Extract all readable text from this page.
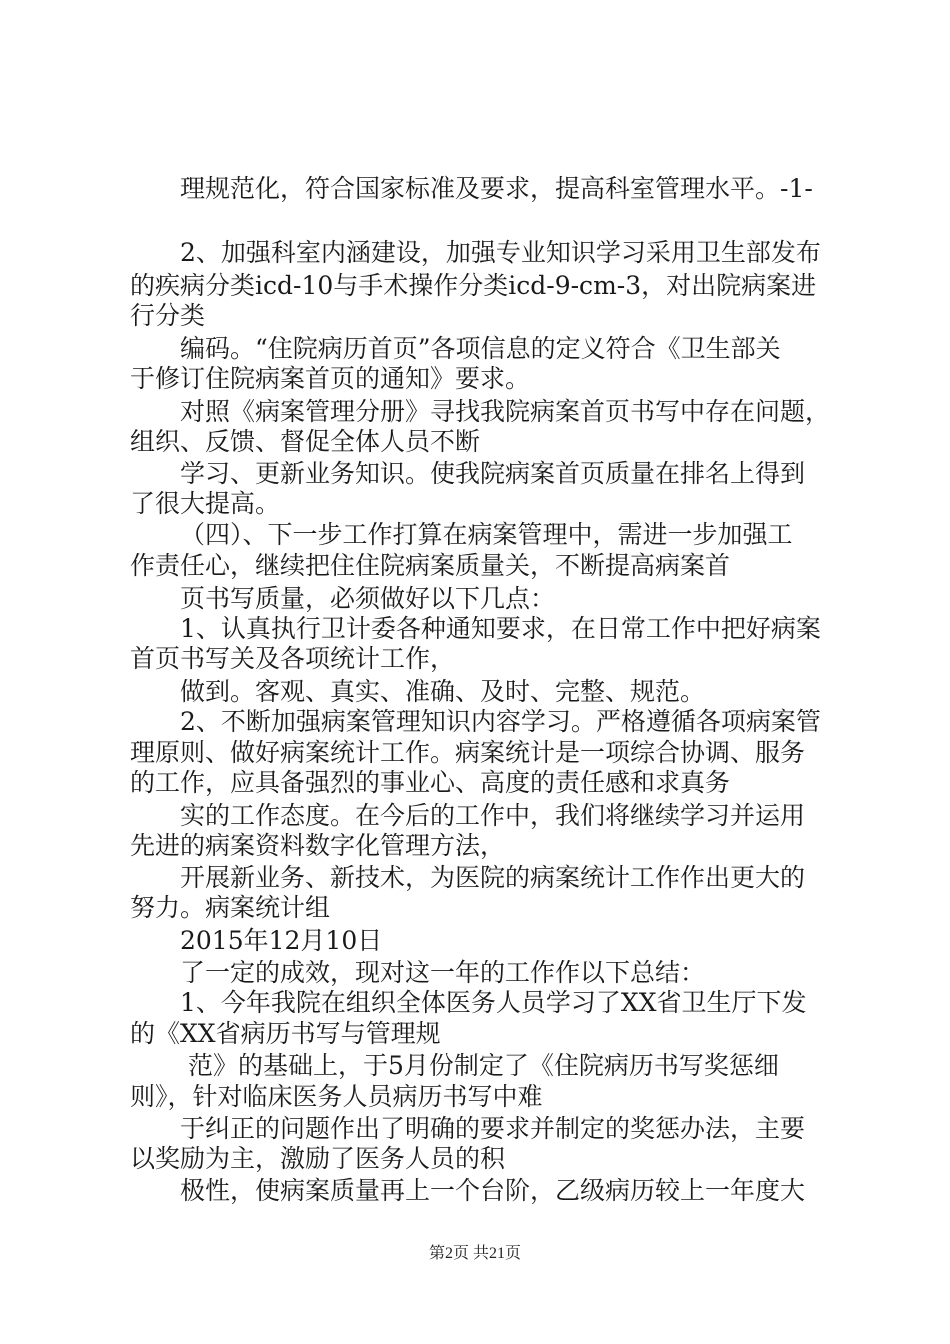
理规范化，符合国家标准及要求，提高科室管理水平。-1-
2、加强科室内涵建设，加强专业知识学习采用卫生部发布
的疾病分类icd-10与手术操作分类icd-9-cm-3，对出院病案进
行分类
编码。“住院病历首页”各项信息的定义符合《卫生部关
于修订住院病案首页的通知》要求。
对照《病案管理分册》寻找我院病案首页书写中存在问题，
组织、反馈、督促全体人员不断
学习、更新业务知识。使我院病案首页质量在排名上得到
了很大提高。
（四）、下一步工作打算在病案管理中，需进一步加强工
作责任心，继续把住住院病案质量关，不断提高病案首
页书写质量，必须做好以下几点：
1、认真执行卫计委各种通知要求，在日常工作中把好病案
首页书写关及各项统计工作，
做到。客观、真实、准确、及时、完整、规范。
2、不断加强病案管理知识内容学习。严格遵循各项病案管
理原则、做好病案统计工作。病案统计是一项综合协调、服务
的工作，应具备强烈的事业心、高度的责任感和求真务
实的工作态度。在今后的工作中，我们将继续学习并运用
先进的病案资料数字化管理方法，
开展新业务、新技术，为医院的病案统计工作作出更大的
努力。病案统计组
2015年12月10日
了一定的成效，现对这一年的工作作以下总结：
1、今年我院在组织全体医务人员学习了XX省卫生厅下发
的《XX省病历书写与管理规
范》的基础上，于5月份制定了《住院病历书写奖惩细
则》，针对临床医务人员病历书写中难
于纠正的问题作出了明确的要求并制定的奖惩办法，主要
以奖励为主，激励了医务人员的积
极性，使病案质量再上一个台阶，乙级病历较上一年度大
第2页 共21页
